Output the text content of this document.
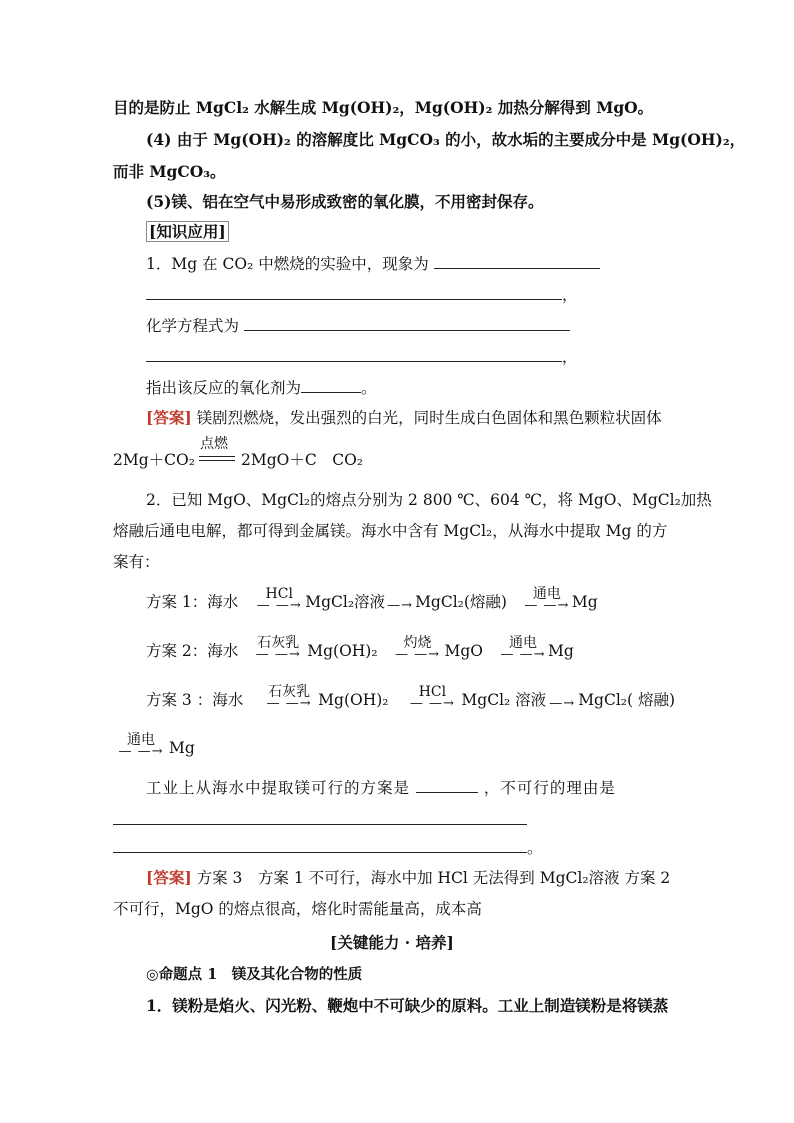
目的是防止 MgCl₂ 水解生成 Mg(OH)₂，Mg(OH)₂ 加热分解得到 MgO。
(4) 由于 Mg(OH)₂ 的溶解度比 MgCO₃ 的小，故水垢的主要成分中是 Mg(OH)₂，
而非 MgCO₃。
(5)镁、铝在空气中易形成致密的氧化膜，不用密封保存。
[知识应用]
1．Mg 在 CO₂ 中燃烧的实验中，现象为
，
化学方程式为
，
指出该反应的氧化剂为	。
[答案] 镁剧烈燃烧，发出强烈的白光，同时生成白色固体和黑色颗粒状固体
2Mg＋CO₂
点燃
2MgO＋C　CO₂
2．已知 MgO、MgCl₂的熔点分别为 2 800 ℃、604 ℃，将 MgO、MgCl₂加热
熔融后通电电解，都可得到金属镁。海水中含有 MgCl₂，从海水中提取 Mg 的方
案有：
方案 1：海水	HCl
— —→ MgCl₂溶液
—→ MgCl₂(熔融)	通电
— —→ Mg
方案 2：海水	石灰乳
— —→ Mg(OH)₂	灼烧
— —→ MgO	通电
— —→ Mg
方案 3 ：海水	石灰乳
— —→ Mg(OH)₂	HCl
— —→ MgCl₂ 溶液
—→ MgCl₂( 熔融)
通电
— —→ Mg
工业上从海水中提取镁可行的方案是	，不可行的理由是
。
[答案] 方案 3　方案 1 不可行，海水中加 HCl 无法得到 MgCl₂溶液 方案 2
不可行，MgO 的熔点很高，熔化时需能量高，成本高
[关键能力 · 培养]
◎命题点 1　镁及其化合物的性质
1．镁粉是焰火、闪光粉、鞭炮中不可缺少的原料。工业上制造镁粉是将镁蒸
